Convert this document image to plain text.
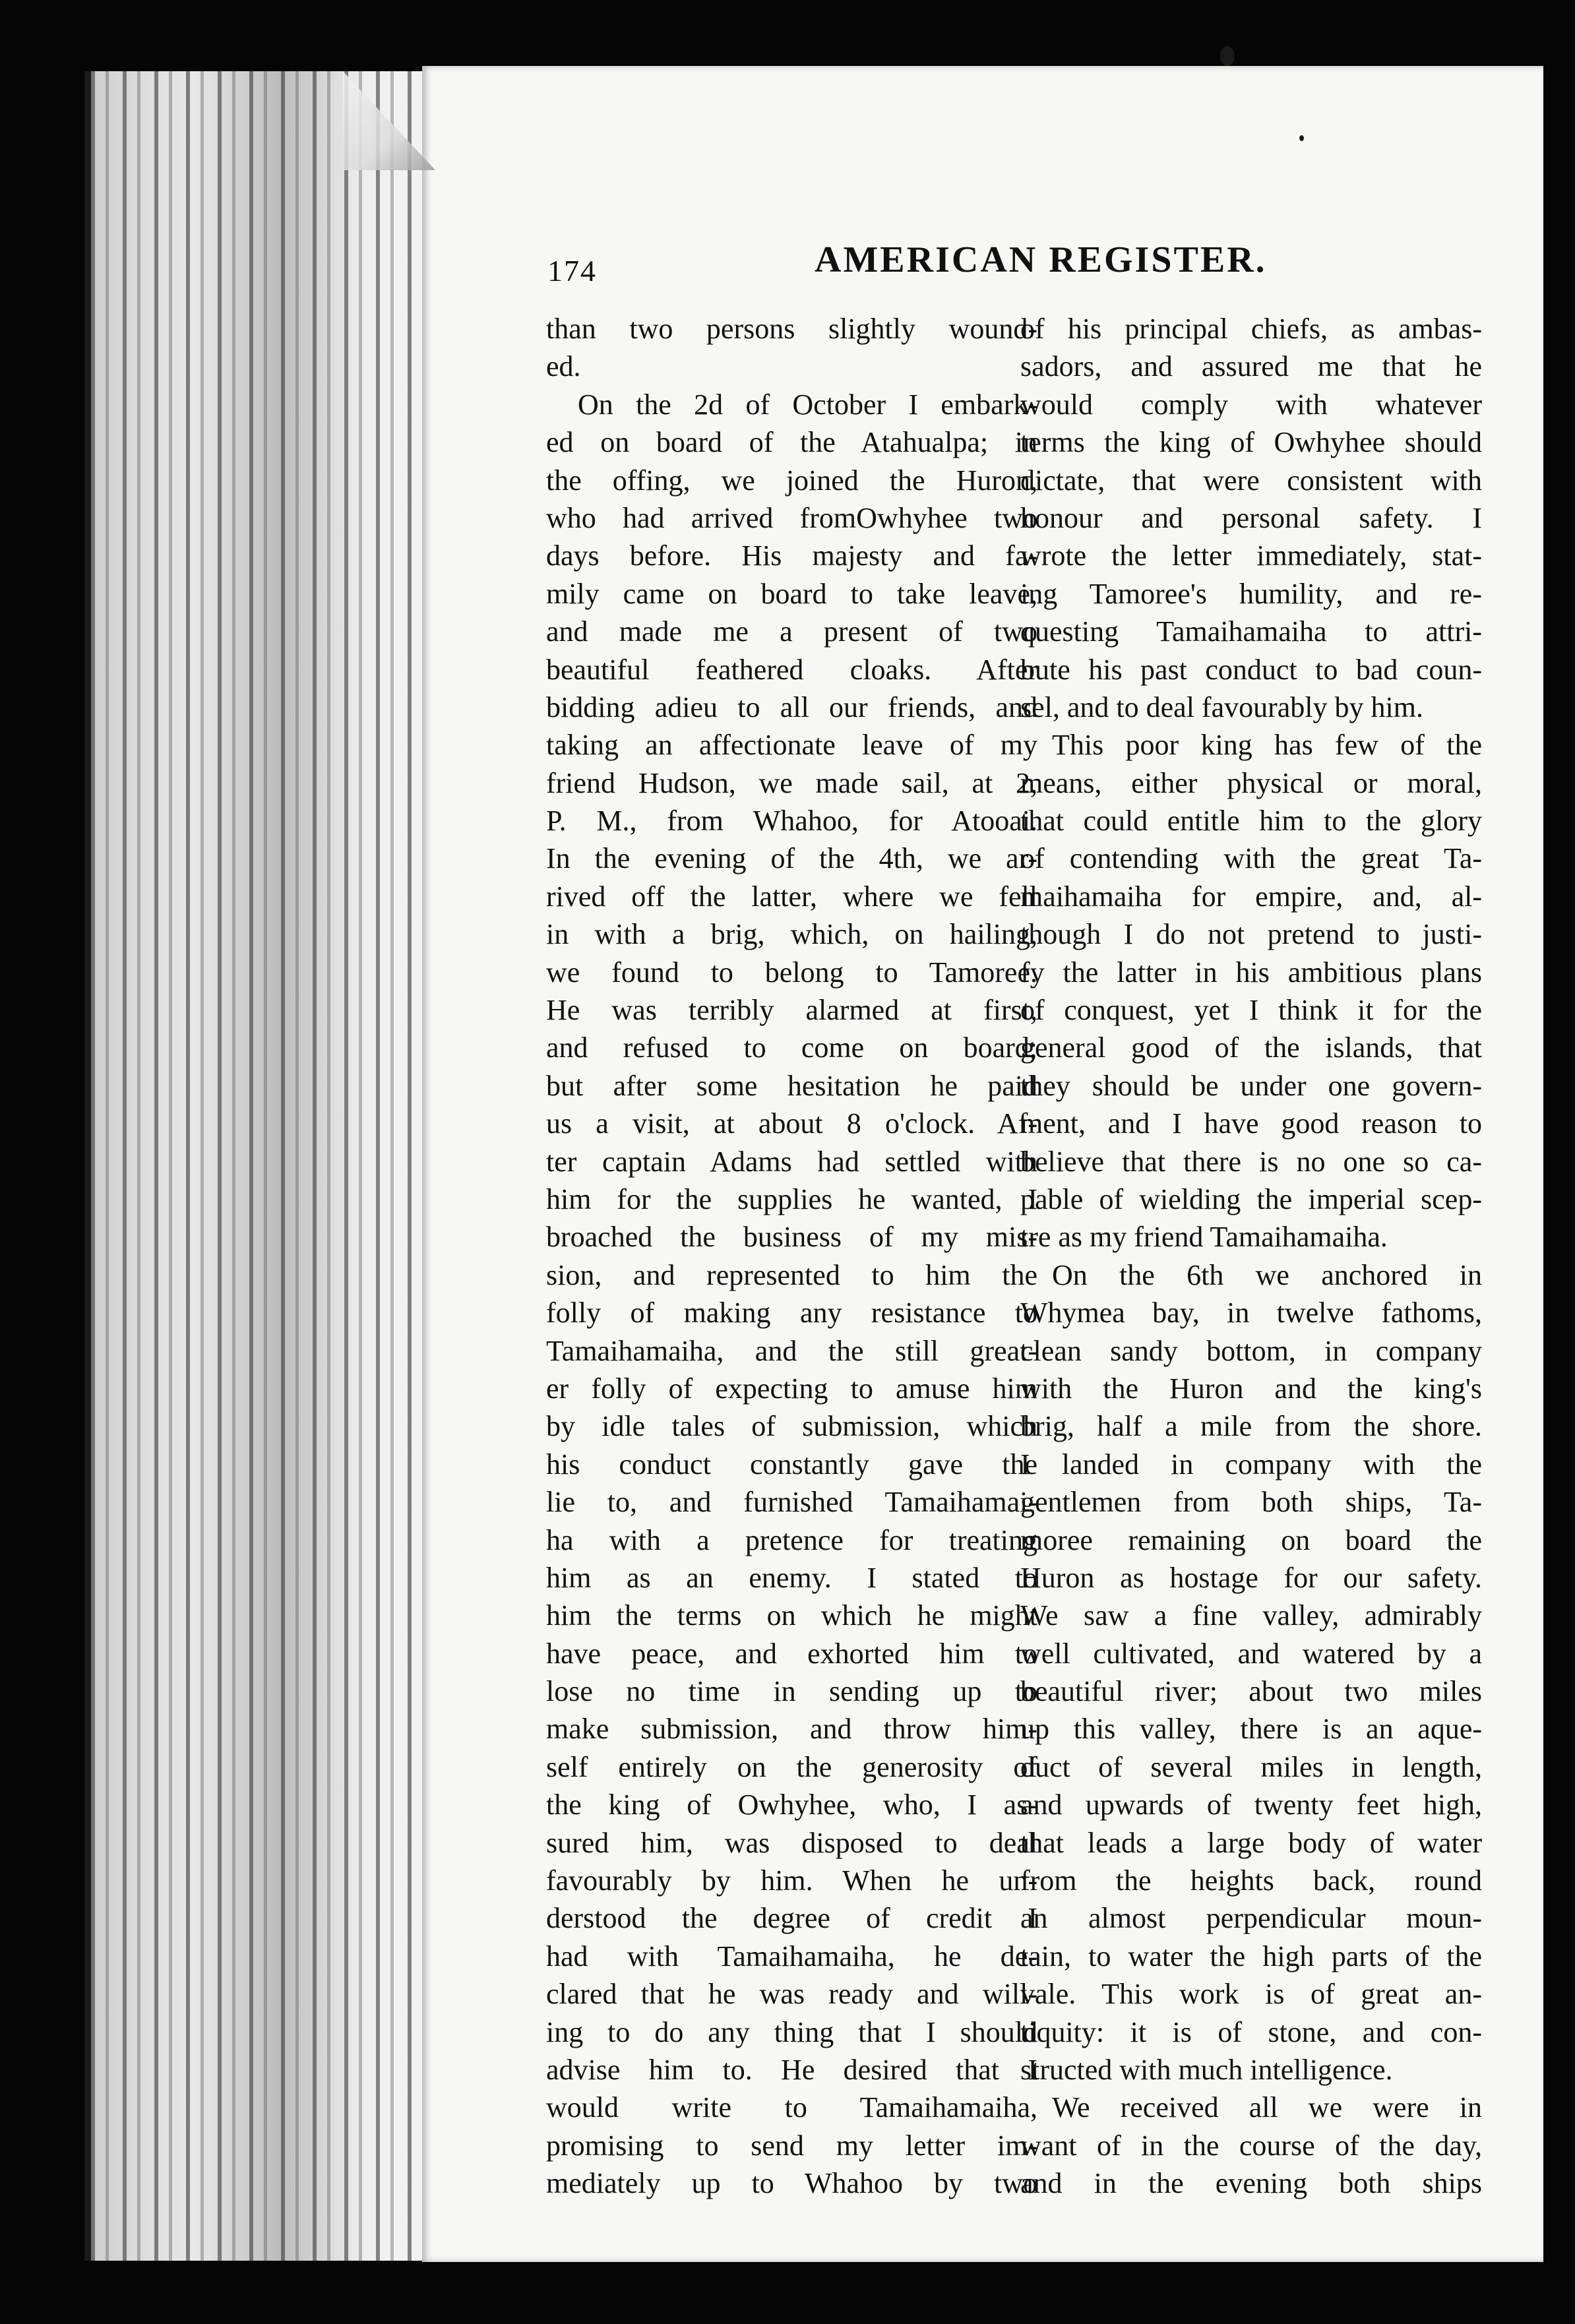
174	AMERICAN REGISTER.
than two persons slightly wound-
ed.
On the 2d of October I embark-
ed on board of the Atahualpa; in
the offing, we joined the Huron,
who had arrived fromOwhyhee two
days before. His majesty and fa-
mily came on board to take leave,
and made me a present of two
beautiful feathered cloaks. After
bidding adieu to all our friends, and
taking an affectionate leave of my
friend Hudson, we made sail, at 2,
P. M., from Whahoo, for Atooai.
In the evening of the 4th, we ar-
rived off the latter, where we fell
in with a brig, which, on hailing,
we found to belong to Tamoree.
He was terribly alarmed at first,
and refused to come on board;
but after some hesitation he paid
us a visit, at about 8 o'clock. Af-
ter captain Adams had settled with
him for the supplies he wanted, I
broached the business of my mis-
sion, and represented to him the
folly of making any resistance to
Tamaihamaiha, and the still great-
er folly of expecting to amuse him
by idle tales of submission, which
his conduct constantly gave the
lie to, and furnished Tamaihamai-
ha with a pretence for treating
him as an enemy. I stated to
him the terms on which he might
have peace, and exhorted him to
lose no time in sending up to
make submission, and throw him-
self entirely on the generosity of
the king of Owhyhee, who, I as-
sured him, was disposed to deal
favourably by him. When he un-
derstood the degree of credit I
had with Tamaihamaiha, he de-
clared that he was ready and will-
ing to do any thing that I should
advise him to. He desired that I
would write to Tamaihamaiha,
promising to send my letter im-
mediately up to Whahoo by two
of his principal chiefs, as ambas-
sadors, and assured me that he
would comply with whatever
terms the king of Owhyhee should
dictate, that were consistent with
honour and personal safety. I
wrote the letter immediately, stat-
ing Tamoree's humility, and re-
questing Tamaihamaiha to attri-
bute his past conduct to bad coun-
sel, and to deal favourably by him.
This poor king has few of the
means, either physical or moral,
that could entitle him to the glory
of contending with the great Ta-
maihamaiha for empire, and, al-
though I do not pretend to justi-
fy the latter in his ambitious plans
of conquest, yet I think it for the
general good of the islands, that
they should be under one govern-
ment, and I have good reason to
believe that there is no one so ca-
pable of wielding the imperial scep-
tre as my friend Tamaihamaiha.
On the 6th we anchored in
Whymea bay, in twelve fathoms,
clean sandy bottom, in company
with the Huron and the king's
brig, half a mile from the shore.
I landed in company with the
gentlemen from both ships, Ta-
moree remaining on board the
Huron as hostage for our safety.
We saw a fine valley, admirably
well cultivated, and watered by a
beautiful river; about two miles
up this valley, there is an aque-
duct of several miles in length,
and upwards of twenty feet high,
that leads a large body of water
from the heights back, round
an almost perpendicular moun-
tain, to water the high parts of the
vale. This work is of great an-
tiquity: it is of stone, and con-
structed with much intelligence.
We received all we were in
want of in the course of the day,
and in the evening both ships
